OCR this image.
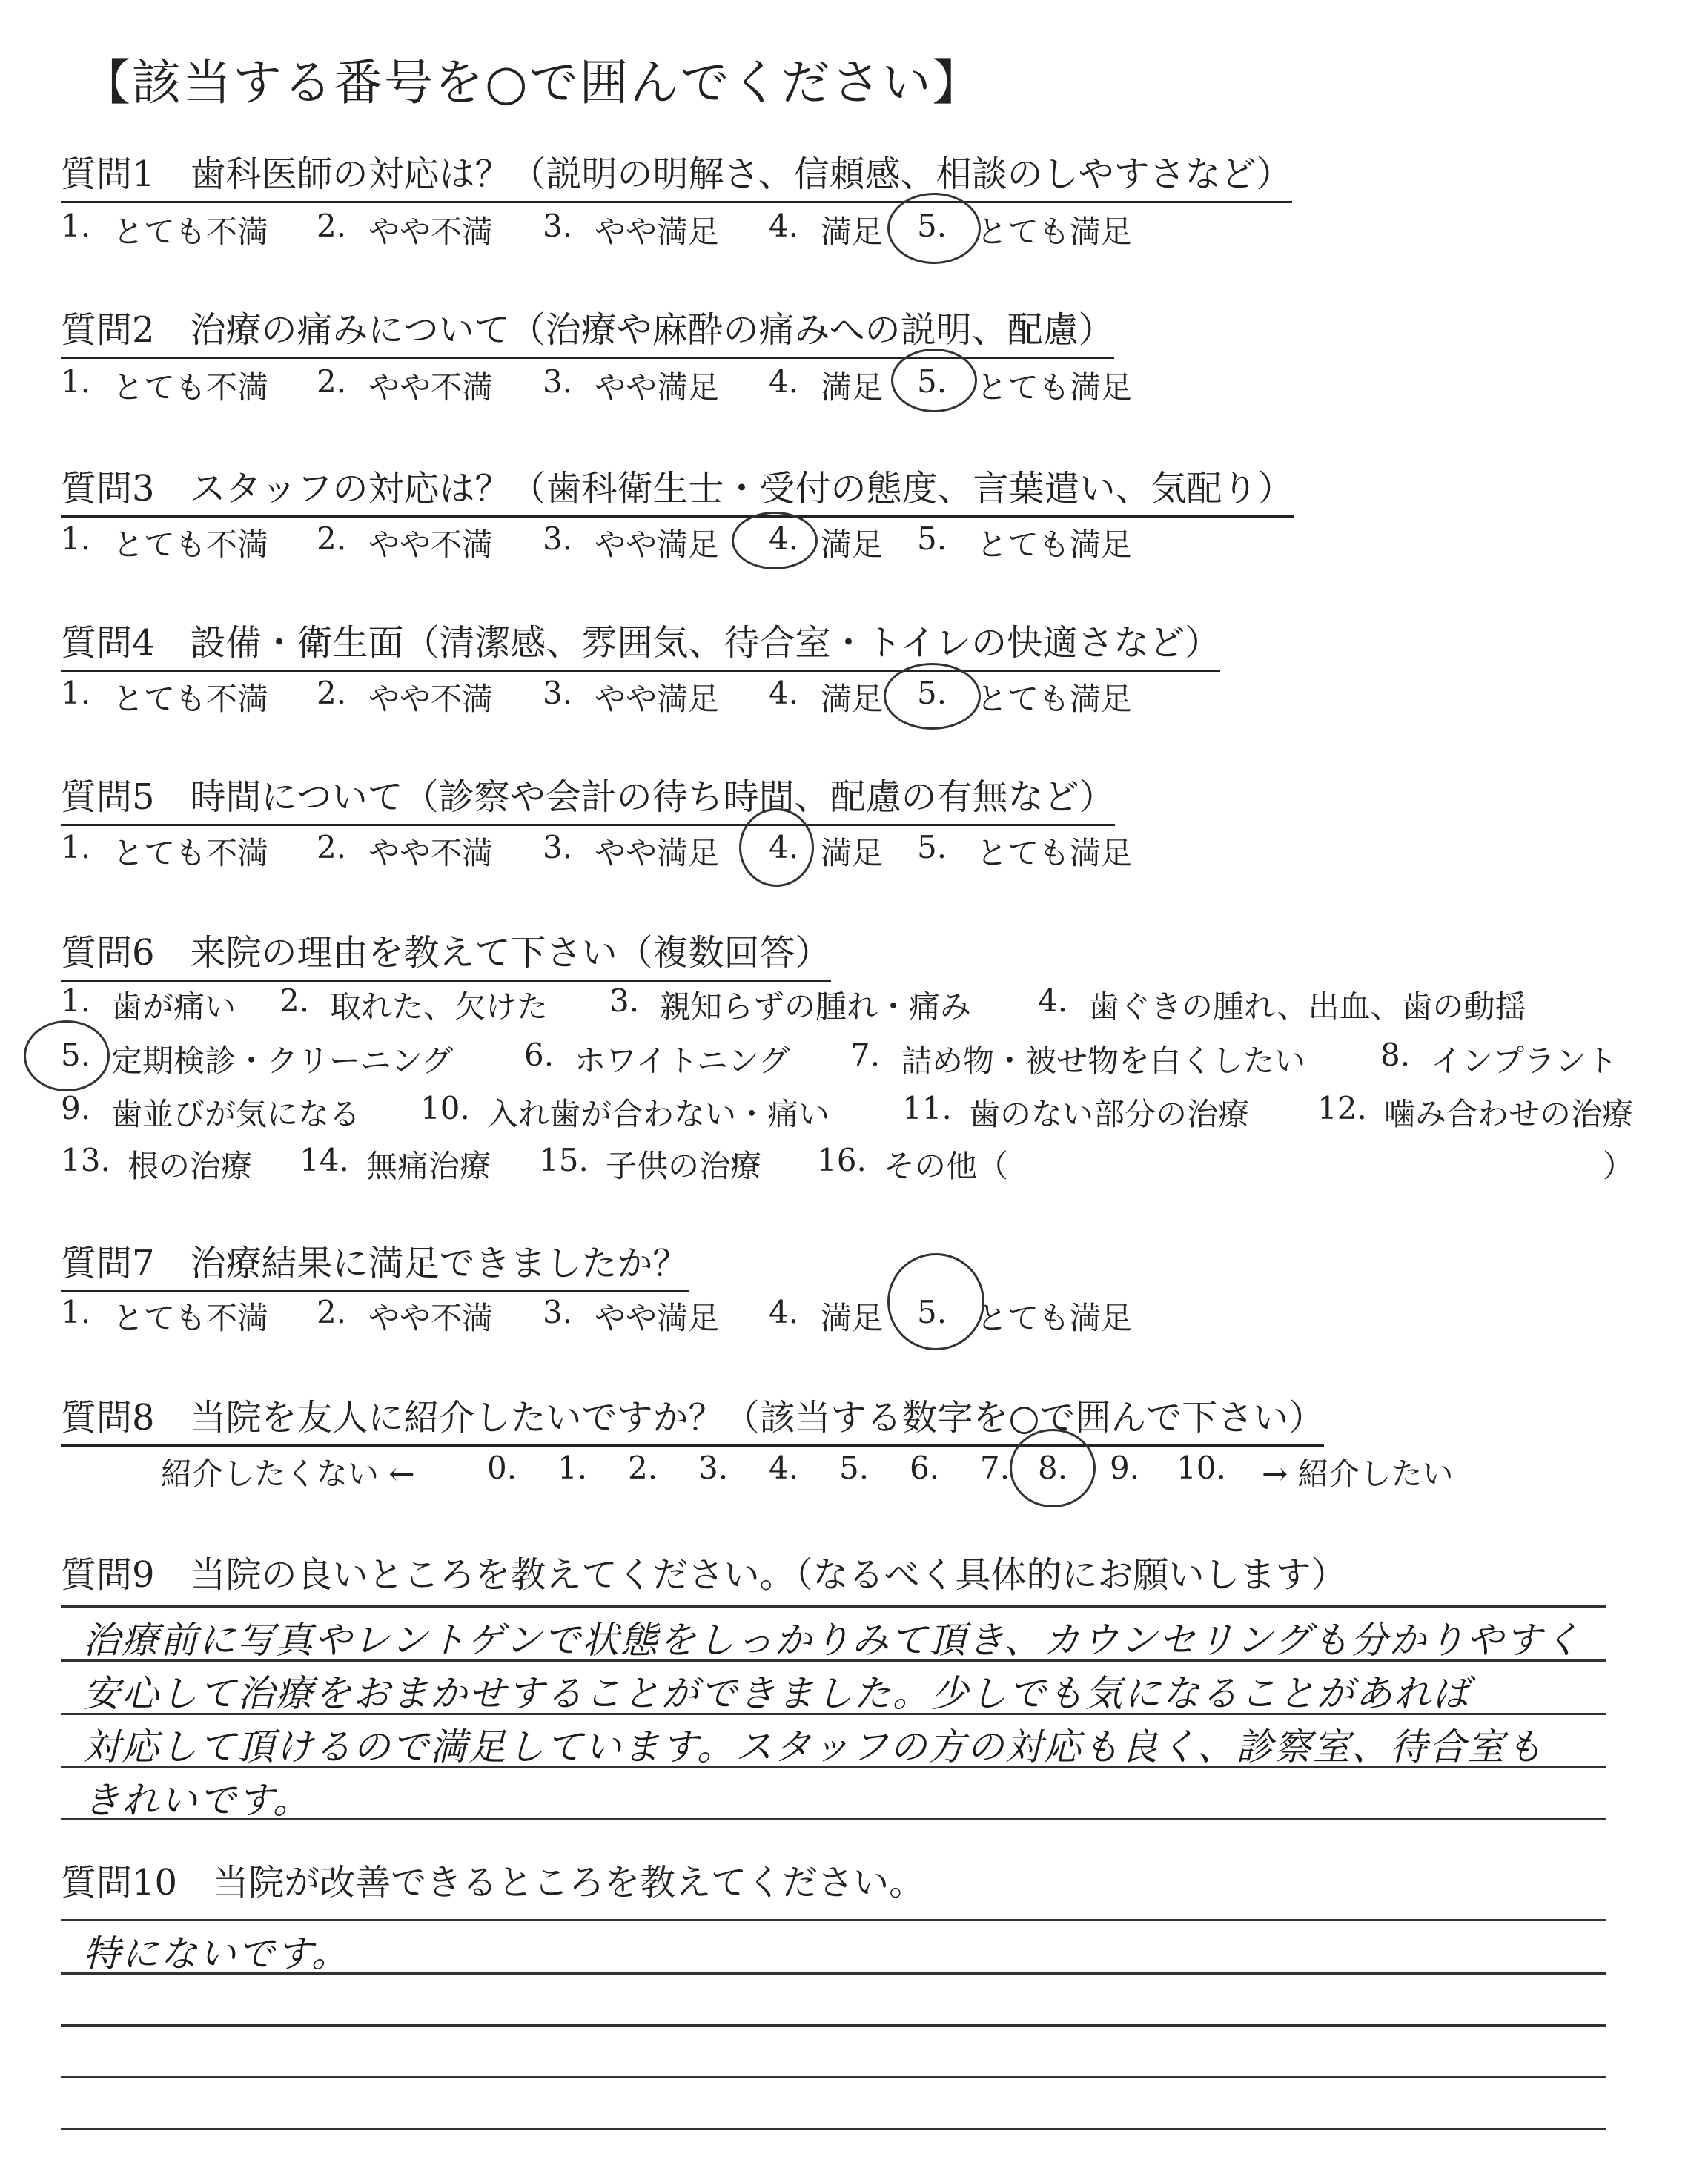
【該当する番号を○で囲んでください】
質問1　歯科医師の対応は？（説明の明解さ、信頼感、相談のしやすさなど）
1. とても不満 2. やや不満 3. やや満足 4. 満足 5. とても満足
質問2　治療の痛みについて（治療や麻酔の痛みへの説明、配慮）
1. とても不満 2. やや不満 3. やや満足 4. 満足 5. とても満足
質問3　スタッフの対応は？（歯科衛生士・受付の態度、言葉遣い、気配り）
1. とても不満 2. やや不満 3. やや満足 4. 満足 5. とても満足
質問4　設備・衛生面（清潔感、雰囲気、待合室・トイレの快適さなど）
1. とても不満 2. やや不満 3. やや満足 4. 満足 5. とても満足
質問5　時間について（診察や会計の待ち時間、配慮の有無など）
1. とても不満 2. やや不満 3. やや満足 4. 満足 5. とても満足
質問6　来院の理由を教えて下さい（複数回答）
1. 歯が痛い 2. 取れた、欠けた 3. 親知らずの腫れ・痛み 4. 歯ぐきの腫れ、出血、歯の動揺
5. 定期検診・クリーニング 6. ホワイトニング 7. 詰め物・被せ物を白くしたい 8. インプラント
9. 歯並びが気になる 10. 入れ歯が合わない・痛い 11. 歯のない部分の治療 12. 噛み合わせの治療
13. 根の治療 14. 無痛治療 15. 子供の治療 16. その他（	）
質問7　治療結果に満足できましたか？
1. とても不満 2. やや不満 3. やや満足 4. 満足 5. とても満足
質問8　当院を友人に紹介したいですか？（該当する数字を○で囲んで下さい）
紹介したくない ← 0. 1. 2. 3. 4. 5. 6. 7. 8. 9. 10. → 紹介したい
質問9　当院の良いところを教えてください。（なるべく具体的にお願いします）
治療前に写真やレントゲンで状態をしっかりみて頂き、カウンセリングも分かりやすく
安心して治療をおまかせすることができました。少しでも気になることがあれば
対応して頂けるので満足しています。スタッフの方の対応も良く、診察室、待合室も
きれいです。
質問10　当院が改善できるところを教えてください。
特にないです。
